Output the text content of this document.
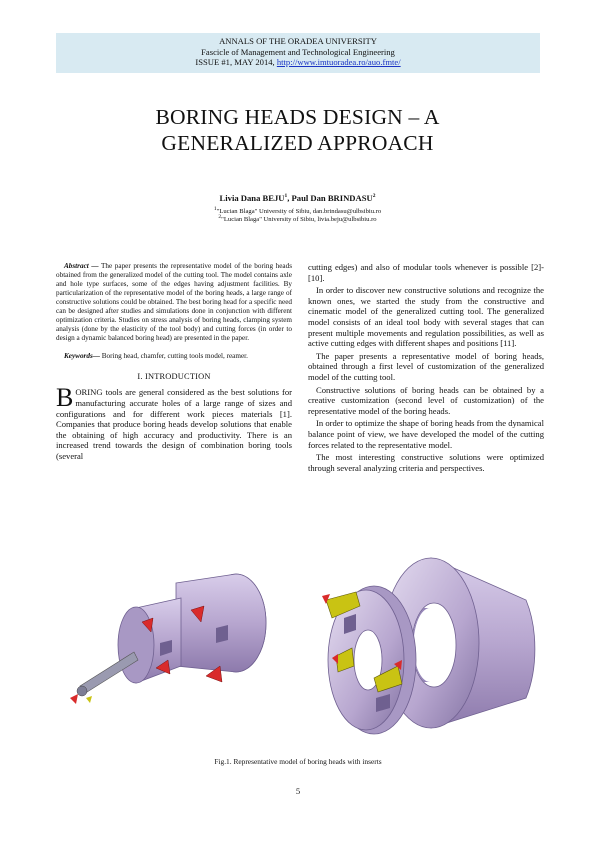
ANNALS OF THE ORADEA UNIVERSITY
Fascicle of Management and Technological Engineering
ISSUE #1, MAY 2014, http://www.imtuoradea.ro/auo.fmte/
BORING HEADS DESIGN – A
GENERALIZED APPROACH
Livia Dana BEJU$^1$, Paul Dan BRINDASU$^2$
$^1$"Lucian Blaga" University of Sibiu, dan.brindasu@ulbsibiu.ro
$^2$"Lucian Blaga" University of Sibiu, livia.beju@ulbsibiu.ro

Abstract — The paper presents the representative model of the boring heads obtained from the generalized model of the cutting tool. The model contains axle and hole type surfaces, some of the edges having adjustment facilities. By particularization of the representative model of the boring heads, a large range of constructive solutions could be obtained. The best boring head for a specific need can be designed after studies and simulations done in conjunction with different optimization criteria. Studies on stress analysis of boring heads, clamping system analysis (done by the elasticity of the tool body) and cutting forces (in order to design a dynamic balanced boring head) are presented in the paper.

Keywords— Boring head, chamfer, cutting tools model, reamer.

I. INTRODUCTION

BORING tools are general considered as the best solutions for manufacturing accurate holes of a large range of sizes and configurations and for different work pieces materials [1]. Companies that produce boring heads develop solutions that enable the obtaining of high accuracy and productivity. There is an increased trend towards the design of combination boring tools (several

cutting edges) and also of modular tools whenever is possible [2]-[10].

In order to discover new constructive solutions and recognize the known ones, we started the study from the constructive and cinematic model of the generalized cutting tool. The generalized model consists of an ideal tool body with several stages that can present multiple movements and regulation possibilities, as well as active cutting edges with different shapes and positions [11].

The paper presents a representative model of boring heads, obtained through a first level of customization of the generalized model of the cutting tool.

Constructive solutions of boring heads can be obtained by a creative customization (second level of customization) of the representative model of the boring heads.

In order to optimize the shape of boring heads from the dynamical balance point of view, we have developed the model of the cutting forces related to the representative model.

The most interesting constructive solutions were optimized through several analyzing criteria and perspectives.

Fig.1. Representative model of boring heads with inserts
5
